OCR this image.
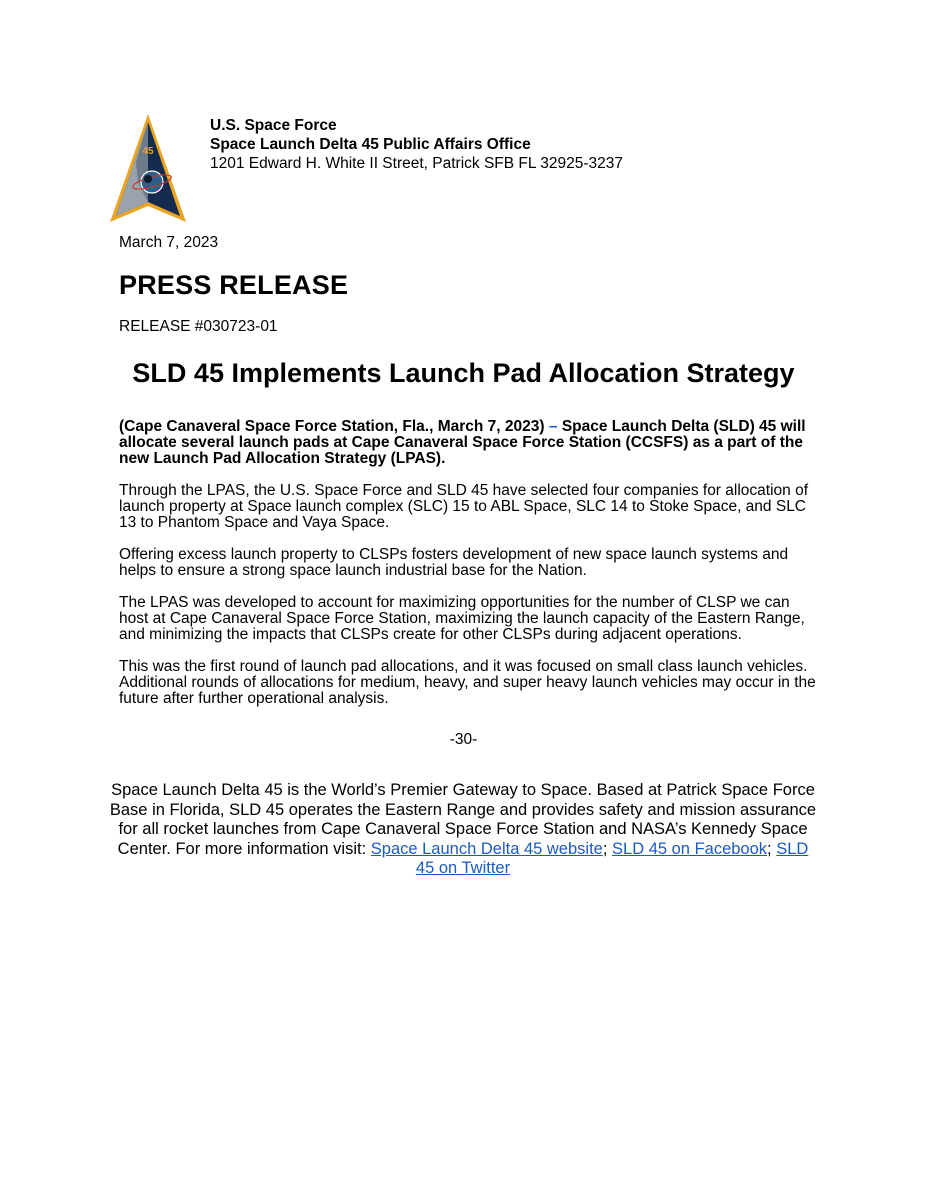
45
U.S. Space Force
Space Launch Delta 45 Public Affairs Office
1201 Edward H. White II Street, Patrick SFB FL 32925-3237
March 7, 2023
PRESS RELEASE
RELEASE #030723-01
SLD 45 Implements Launch Pad Allocation Strategy

(Cape Canaveral Space Force Station, Fla., March 7, 2023) – Space Launch Delta (SLD) 45 will allocate several launch pads at Cape Canaveral Space Force Station (CCSFS) as a part of the new Launch Pad Allocation Strategy (LPAS).

Through the LPAS, the U.S. Space Force and SLD 45 have selected four companies for allocation of launch property at Space launch complex (SLC) 15 to ABL Space, SLC 14 to Stoke Space, and SLC 13 to Phantom Space and Vaya Space.

Offering excess launch property to CLSPs fosters development of new space launch systems and helps to ensure a strong space launch industrial base for the Nation.

The LPAS was developed to account for maximizing opportunities for the number of CLSP we can host at Cape Canaveral Space Force Station, maximizing the launch capacity of the Eastern Range, and minimizing the impacts that CLSPs create for other CLSPs during adjacent operations.

This was the first round of launch pad allocations, and it was focused on small class launch vehicles. Additional rounds of allocations for medium, heavy, and super heavy launch vehicles may occur in the future after further operational analysis.

-30-
Space Launch Delta 45 is the World’s Premier Gateway to Space. Based at Patrick Space Force Base in Florida, SLD 45 operates the Eastern Range and provides safety and mission assurance for all rocket launches from Cape Canaveral Space Force Station and NASA’s Kennedy Space Center. For more information visit: Space Launch Delta 45 website; SLD 45 on Facebook; SLD 45 on Twitter
